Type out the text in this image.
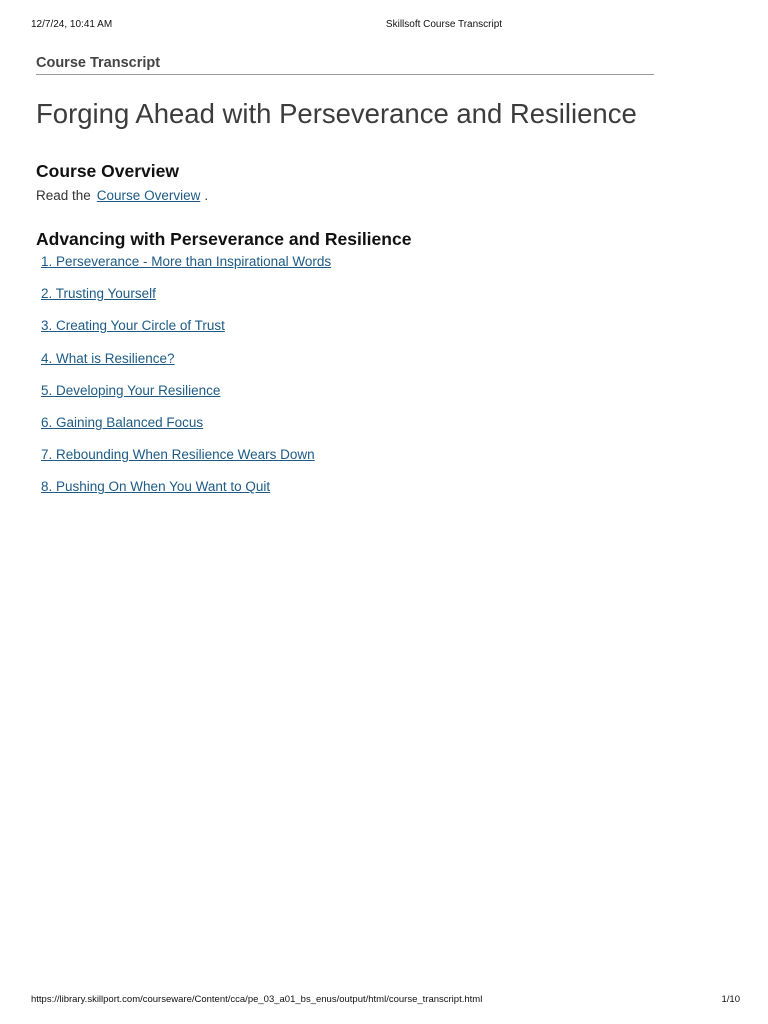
12/7/24, 10:41 AM	Skillsoft Course Transcript
Course Transcript
Forging Ahead with Perseverance and Resilience
Course Overview
Read the Course Overview .
Advancing with Perseverance and Resilience
1. Perseverance - More than Inspirational Words
2. Trusting Yourself
3. Creating Your Circle of Trust
4. What is Resilience?
5. Developing Your Resilience
6. Gaining Balanced Focus
7. Rebounding When Resilience Wears Down
8. Pushing On When You Want to Quit
https://library.skillport.com/courseware/Content/cca/pe_03_a01_bs_enus/output/html/course_transcript.html	1/10
